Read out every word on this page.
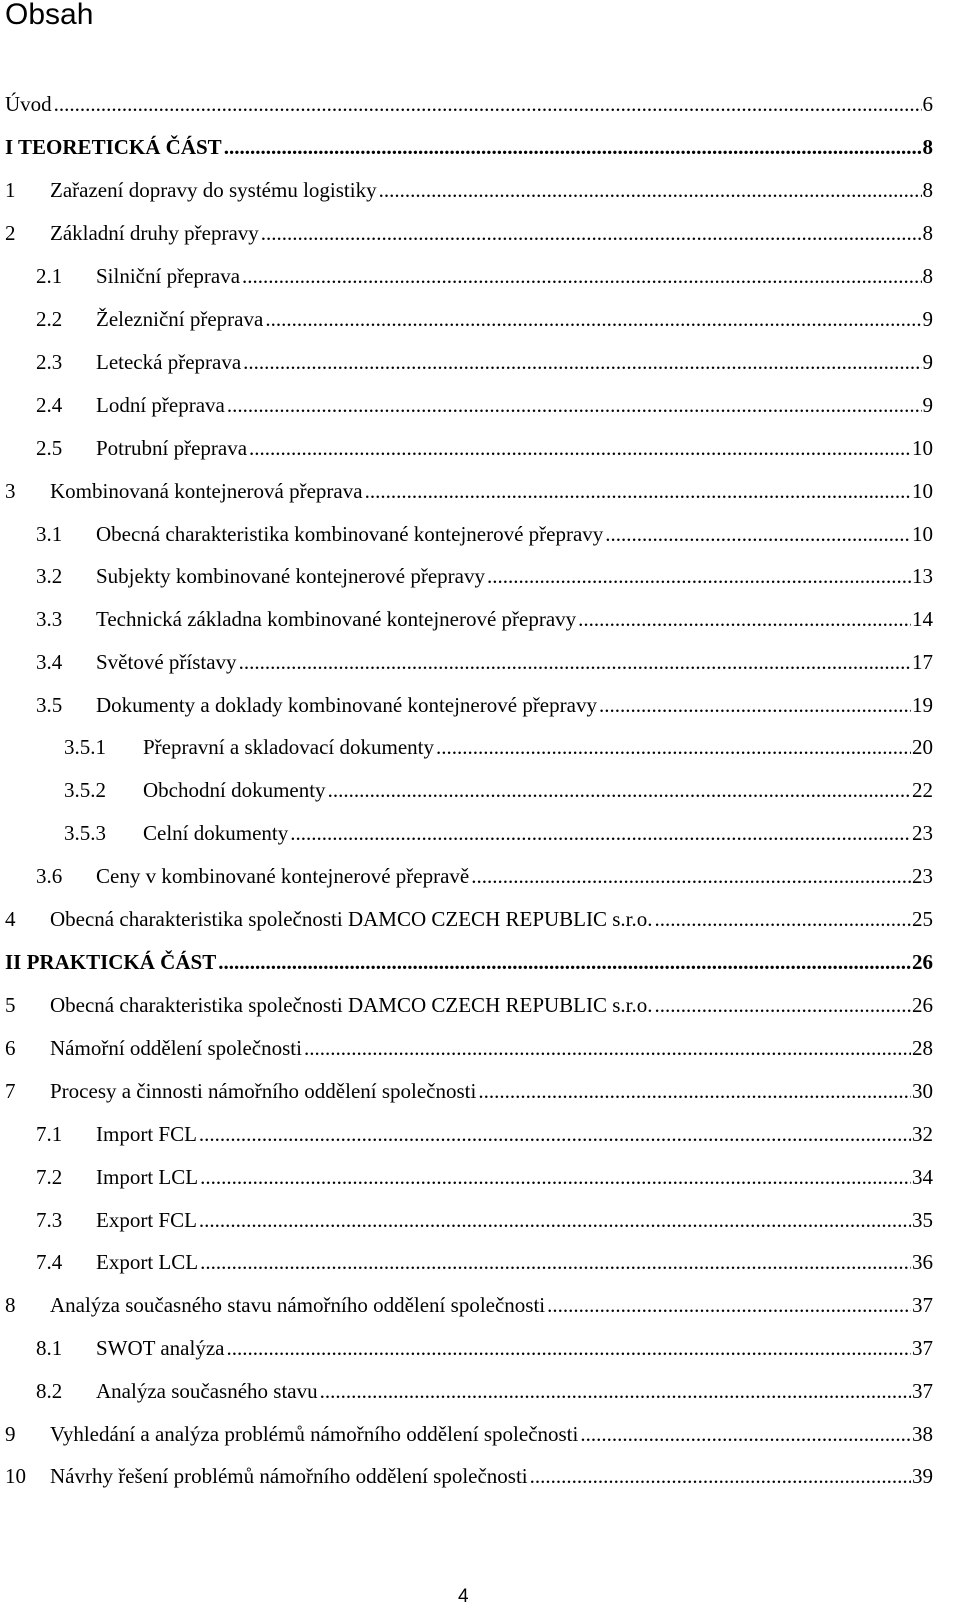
Obsah
Úvod .....	6
I TEORETICKÁ ČÁST .....	8
1 Zařazení dopravy do systému logistiky .....	8
2 Základní druhy přepravy .....	8
2.1 Silniční přeprava .....	8
2.2 Železniční přeprava .....	9
2.3 Letecká přeprava .....	9
2.4 Lodní přeprava .....	9
2.5 Potrubní přeprava .....	10
3 Kombinovaná kontejnerová přeprava .....	10
3.1 Obecná charakteristika kombinované kontejnerové přepravy .....	10
3.2 Subjekty kombinované kontejnerové přepravy .....	13
3.3 Technická základna kombinované kontejnerové přepravy .....	14
3.4 Světové přístavy .....	17
3.5 Dokumenty a doklady kombinované kontejnerové přepravy .....	19
3.5.1 Přepravní a skladovací dokumenty .....	20
3.5.2 Obchodní dokumenty .....	22
3.5.3 Celní dokumenty .....	23
3.6 Ceny v kombinované kontejnerové přepravě .....	23
4 Obecná charakteristika společnosti DAMCO CZECH REPUBLIC s.r.o. .....	25
II PRAKTICKÁ ČÁST .....	26
5 Obecná charakteristika společnosti DAMCO CZECH REPUBLIC s.r.o. .....	26
6 Námořní oddělení společnosti .....	28
7 Procesy a činnosti námořního oddělení společnosti .....	30
7.1 Import FCL .....	32
7.2 Import LCL .....	34
7.3 Export FCL .....	35
7.4 Export LCL .....	36
8 Analýza současného stavu námořního oddělení společnosti .....	37
8.1 SWOT analýza .....	37
8.2 Analýza současného stavu .....	37
9 Vyhledání a analýza problémů námořního oddělení společnosti .....	38
10 Návrhy řešení problémů námořního oddělení společnosti .....	39
4
